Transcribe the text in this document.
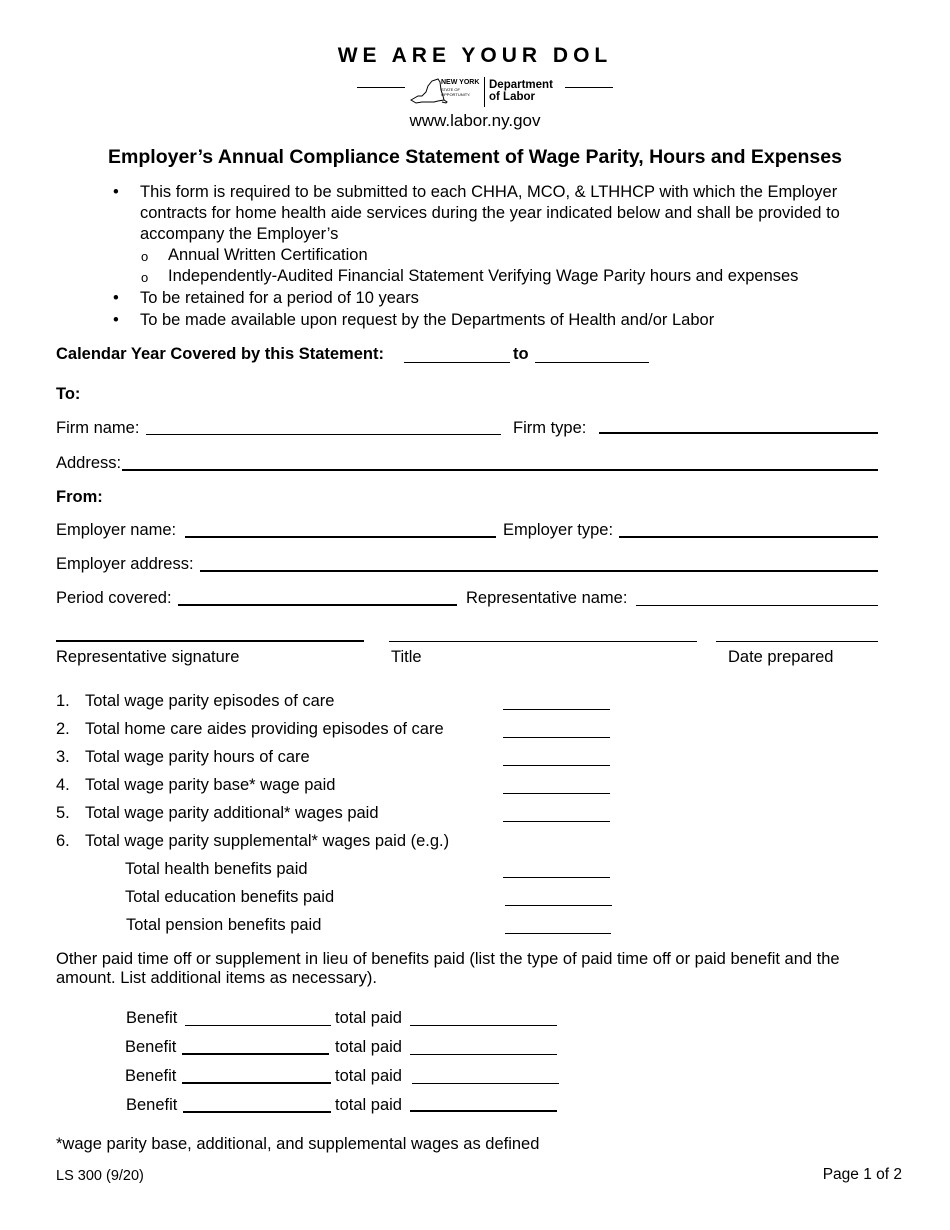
WE ARE YOUR DOL
NEW YORK
STATE OF OPPORTUNITY.
Department
of Labor
www.labor.ny.gov
Employer’s Annual Compliance Statement of Wage Parity, Hours and Expenses
• This form is required to be submitted to each CHHA, MCO, & LTHHCP with which the Employer contracts for home health aide services during the year indicated below and shall be provided to accompany the Employer’s
o Annual Written Certification
o Independently-Audited Financial Statement Verifying Wage Parity hours and expenses
• To be retained for a period of 10 years
• To be made available upon request by the Departments of Health and/or Labor
Calendar Year Covered by this Statement:	to
To:
Firm name:	Firm type:
Address:
From:
Employer name:	Employer type:
Employer address:
Period covered:	Representative name:
Representative signature	Title	Date prepared
1. Total wage parity episodes of care
2. Total home care aides providing episodes of care
3. Total wage parity hours of care
4. Total wage parity base* wage paid
5. Total wage parity additional* wages paid
6. Total wage parity supplemental* wages paid (e.g.)
Total health benefits paid
Total education benefits paid
Total pension benefits paid
Other paid time off or supplement in lieu of benefits paid (list the type of paid time off or paid benefit and the amount. List additional items as necessary).
Benefit	total paid
Benefit	total paid
Benefit	total paid
Benefit	total paid
*wage parity base, additional, and supplemental wages as defined
LS 300 (9/20)	Page 1 of 2
